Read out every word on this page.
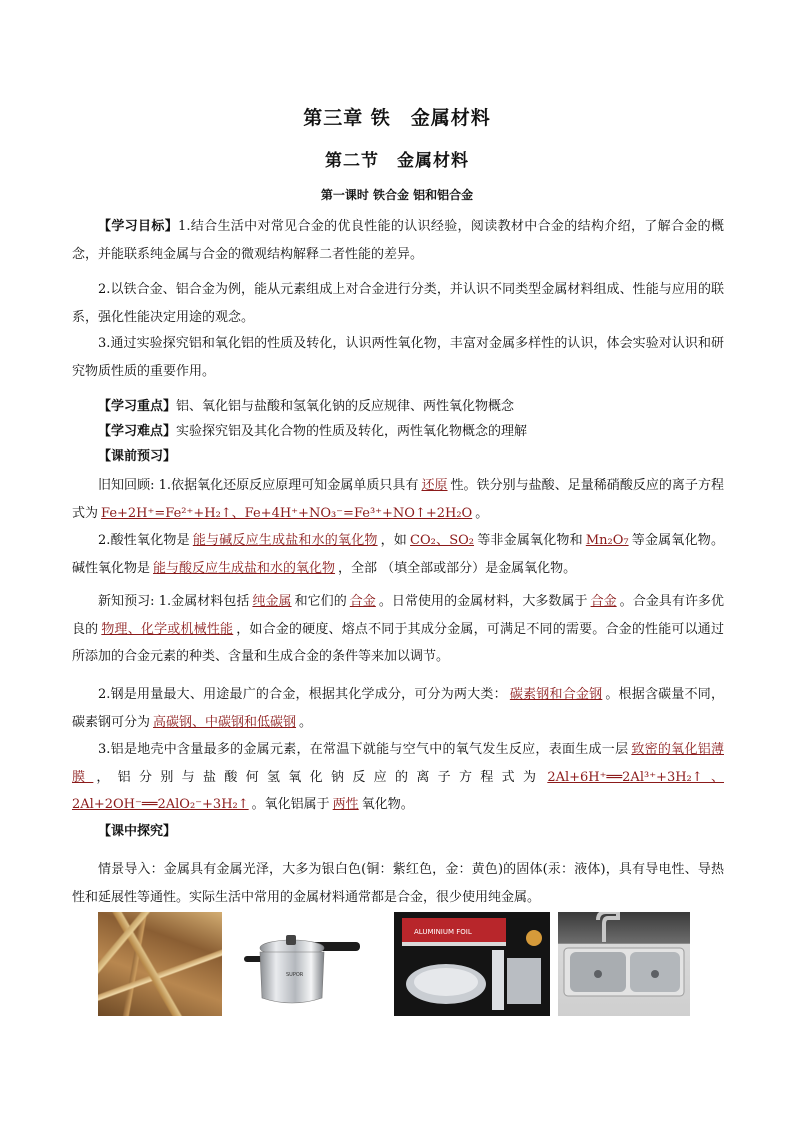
第三章 铁　金属材料
第二节　金属材料
第一课时 铁合金 铝和铝合金
【学习目标】1.结合生活中对常见合金的优良性能的认识经验，阅读教材中合金的结构介绍，了解合金的概念，并能联系纯金属与合金的微观结构解释二者性能的差异。
2.以铁合金、铝合金为例，能从元素组成上对合金进行分类，并认识不同类型金属材料组成、性能与应用的联系，强化性能决定用途的观念。
3.通过实验探究铝和氧化铝的性质及转化，认识两性氧化物，丰富对金属多样性的认识，体会实验对认识和研究物质性质的重要作用。
【学习重点】铝、氧化铝与盐酸和氢氧化钠的反应规律、两性氧化物概念
【学习难点】实验探究铝及其化合物的性质及转化，两性氧化物概念的理解
【课前预习】
旧知回顾: 1.依据氧化还原反应原理可知金属单质只具有 还原 性。铁分别与盐酸、足量稀硝酸反应的离子方程式为 Fe+2H⁺=Fe²⁺+H₂↑、Fe+4H⁺+NO₃⁻=Fe³⁺+NO↑+2H₂O 。
2.酸性氧化物是 能与碱反应生成盐和水的氧化物 ，如 CO₂、SO₂ 等非金属氧化物和 Mn₂O₇ 等金属氧化物。碱性氧化物是 能与酸反应生成盐和水的氧化物 ，全部 （填全部或部分）是金属氧化物。
新知预习: 1.金属材料包括 纯金属 和它们的 合金 。日常使用的金属材料，大多数属于 合金 。合金具有许多优良的 物理、化学或机械性能 ，如合金的硬度、熔点不同于其成分金属，可满足不同的需要。合金的性能可以通过所添加的合金元素的种类、含量和生成合金的条件等来加以调节。
2.钢是用量最大、用途最广的合金，根据其化学成分，可分为两大类： 碳素钢和合金钢 。根据含碳量不同，碳素钢可分为 高碳钢、中碳钢和低碳钢 。
3.铝是地壳中含量最多的金属元素，在常温下就能与空气中的氧气发生反应，表面生成一层 致密的氧化铝薄膜 ，铝分别与盐酸何氢氧化钠反应的离子方程式为 2Al+6H⁺══2Al³⁺+3H₂↑、2Al+2OH⁻══2AlO₂⁻+3H₂↑ 。氧化铝属于 两性 氧化物。
【课中探究】
情景导入：金属具有金属光泽，大多为银白色(铜：紫红色，金：黄色)的固体(汞：液体)，具有导电性、导热性和延展性等通性。实际生活中常用的金属材料通常都是合金，很少使用纯金属。
SUPOR
ALUMINIUM FOIL
